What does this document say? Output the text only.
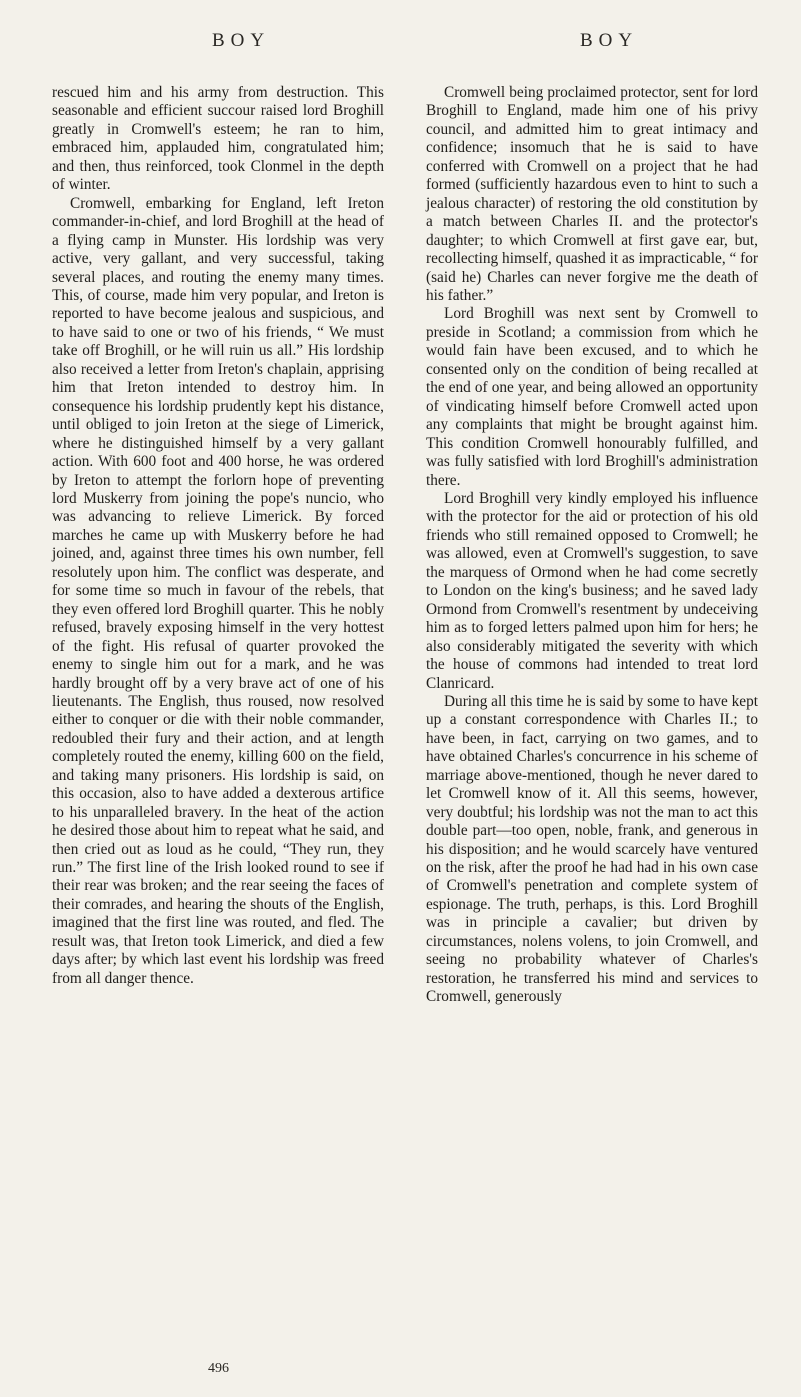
BOY	BOY

rescued him and his army from destruction. This seasonable and efficient succour raised lord Broghill greatly in Cromwell's esteem; he ran to him, embraced him, applauded him, congratulated him; and then, thus reinforced, took Clonmel in the depth of winter.

Cromwell, embarking for England, left Ireton commander-in-chief, and lord Broghill at the head of a flying camp in Munster. His lordship was very active, very gallant, and very successful, taking several places, and routing the enemy many times. This, of course, made him very popular, and Ireton is reported to have become jealous and suspicious, and to have said to one or two of his friends, “ We must take off Broghill, or he will ruin us all.” His lordship also received a letter from Ireton's chaplain, apprising him that Ireton intended to destroy him. In consequence his lordship prudently kept his distance, until obliged to join Ireton at the siege of Limerick, where he distinguished himself by a very gallant action. With 600 foot and 400 horse, he was ordered by Ireton to attempt the forlorn hope of preventing lord Muskerry from joining the pope's nuncio, who was advancing to relieve Limerick. By forced marches he came up with Muskerry before he had joined, and, against three times his own number, fell resolutely upon him. The conflict was desperate, and for some time so much in favour of the rebels, that they even offered lord Broghill quarter. This he nobly refused, bravely exposing himself in the very hottest of the fight. His refusal of quarter provoked the enemy to single him out for a mark, and he was hardly brought off by a very brave act of one of his lieutenants. The English, thus roused, now resolved either to conquer or die with their noble commander, redoubled their fury and their action, and at length completely routed the enemy, killing 600 on the field, and taking many prisoners. His lordship is said, on this occasion, also to have added a dexterous artifice to his unparalleled bravery. In the heat of the action he desired those about him to repeat what he said, and then cried out as loud as he could, “They run, they run.” The first line of the Irish looked round to see if their rear was broken; and the rear seeing the faces of their comrades, and hearing the shouts of the English, imagined that the first line was routed, and fled. The result was, that Ireton took Limerick, and died a few days after; by which last event his lordship was freed from all danger thence.

Cromwell being proclaimed protector, sent for lord Broghill to England, made him one of his privy council, and admitted him to great intimacy and confidence; insomuch that he is said to have conferred with Cromwell on a project that he had formed (sufficiently hazardous even to hint to such a jealous character) of restoring the old constitution by a match between Charles II. and the protector's daughter; to which Cromwell at first gave ear, but, recollecting himself, quashed it as impracticable, “ for (said he) Charles can never forgive me the death of his father.”

Lord Broghill was next sent by Cromwell to preside in Scotland; a commission from which he would fain have been excused, and to which he consented only on the condition of being recalled at the end of one year, and being allowed an opportunity of vindicating himself before Cromwell acted upon any complaints that might be brought against him. This condition Cromwell honourably fulfilled, and was fully satisfied with lord Broghill's administration there.

Lord Broghill very kindly employed his influence with the protector for the aid or protection of his old friends who still remained opposed to Cromwell; he was allowed, even at Cromwell's suggestion, to save the marquess of Ormond when he had come secretly to London on the king's business; and he saved lady Ormond from Cromwell's resentment by undeceiving him as to forged letters palmed upon him for hers; he also considerably mitigated the severity with which the house of commons had intended to treat lord Clanricard.

During all this time he is said by some to have kept up a constant correspondence with Charles II.; to have been, in fact, carrying on two games, and to have obtained Charles's concurrence in his scheme of marriage above-mentioned, though he never dared to let Cromwell know of it. All this seems, however, very doubtful; his lordship was not the man to act this double part—too open, noble, frank, and generous in his disposition; and he would scarcely have ventured on the risk, after the proof he had had in his own case of Cromwell's penetration and complete system of espionage. The truth, perhaps, is this. Lord Broghill was in principle a cavalier; but driven by circumstances, nolens volens, to join Cromwell, and seeing no probability whatever of Charles's restoration, he transferred his mind and services to Cromwell, generously

496
